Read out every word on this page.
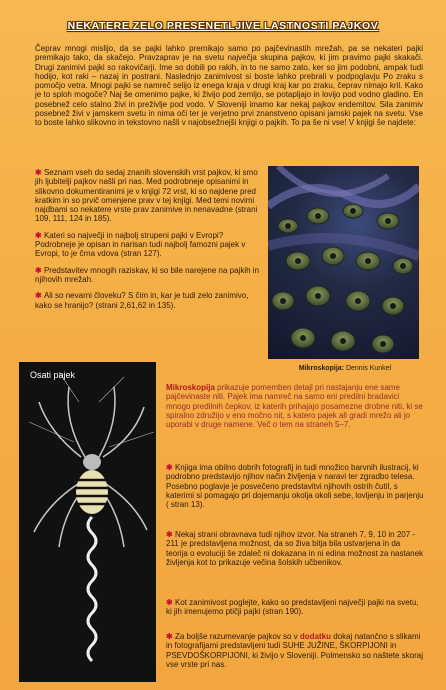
NEKATERE ZELO PRESENETLJIVE LASTNOSTI PAJKOV

Čeprav mnogi mislijo, da se pajki lahko premikajo samo po pajčevinastih mrežah, pa se nekateri pajki premikajo tako, da skačejo. Pravzaprav je na svetu največja skupina pajkov, ki jim pravimo pajki skakači. Drugi zanimivi pajki so rakovičarji. Ime so dobili po rakih, in to ne samo zato, ker so jim podobni, ampak tudi hodijo, kot raki – nazaj in postrani. Naslednjo zanimivost si boste lahko prebrali v podpoglavju Po zraku s pomočjo vetra. Mnogi pajki se namreč selijo iz enega kraja v drugi kraj kar po zraku, čeprav nimajo kril. Kako je to sploh mogoče? Naj še omenimo pajke, ki živijo pod zemljo, se potapljajo in lovijo pod vodno gladino. En posebnež celo stalno živi in preživlje pod vodo. V Sloveniji imamo kar nekaj pajkov endemitov. Sila zanimiv posebnež živi v jamskem svetu in nima oči ter je verjetno prvi znanstveno opisani jamski pajek na svetu. Vse to boste lahko slikovno in tekstovno našli v najobsežnejši knjigi o pajkih. To pa še ni vse! V knjigi še najdete:

✱ Seznam vseh do sedaj znanih slovenskih vrst pajkov, ki smo jih ljubitelji pajkov našli pri nas. Med podrobneje opisanimi in slikovno dokumentiranimi je v knjigi 72 vrst, ki so najdene pred kratkim in so prvič omenjene prav v tej knjigi. Med temi novimi najdbami so nekatere vrste prav zanimive in nenavadne (strani 109, 111, 124 in 185).

✱ Kateri so največji in najbolj strupeni pajki v Evropi? Podrobneje je opisan in narisan tudi najbolj famozni pajek v Evropi, to je črna vdova (stran 127).

✱ Predstavitev mnogih raziskav, ki so bile narejene na pajkih in njihovih mrežah.

✱ Ali so nevarni človeku? S čim in, kar je tudi zelo zanimivo, kako se hranijo? (strani 2,61,62 in 135).

Mikroskopija: Dennis Kunkel
Osati pajek
Mikroskopija prikazuje pomemben detajl pri nastajanju ene same pajčevinaste niti. Pajek ima namreč na samo eni predilni bradavici mnogo predilnih čepkov, iz katerih prihajajo posamezne drobne niti, ki se spiralno združijo v eno močno nit, s katero pajek ali gradi mrežo ali jo uporabi v druge namene. Več o tem na straneh 5–7.

✱ Knjiga ima obilno dobrih fotografij in tudi množico barvnih ilustracij, ki podrobno predstavijo njihov način življenja v naravi ter zgradbo telesa. Posebno poglavje je posvečeno predstavitvi njihovih ostrih čutil, s katerimi si pomagajo pri dojemanju okolja okoli sebe, lovljenju in parjenju ( stran 13).

✱ Nekaj strani obravnava tudi njihov izvor. Na straneh 7, 9, 10 in 207 - 211 je predstavljena možnost, da so živa bitja bila ustvarjena in da teorija o evoluciji še zdaleč ni dokazana in ni edina možnost za nastanek življenja kot to prikazuje večina šolskih učbenikov.

✱ Kot zanimivost poglejte, kako so predstavljeni največji pajki na svetu, ki jih imenujemo ptičji pajki (stran 190).

✱ Za boljše razumevanje pajkov so v dodatku dokaj natančno s slikami in fotografijami predstavljeni tudi SUHE JUŽINE, ŠKORPIJONI in PSEVDOŠKORPIJONI, ki živijo v Sloveniji. Polmensko so naštete skoraj vse vrste pri nas.
